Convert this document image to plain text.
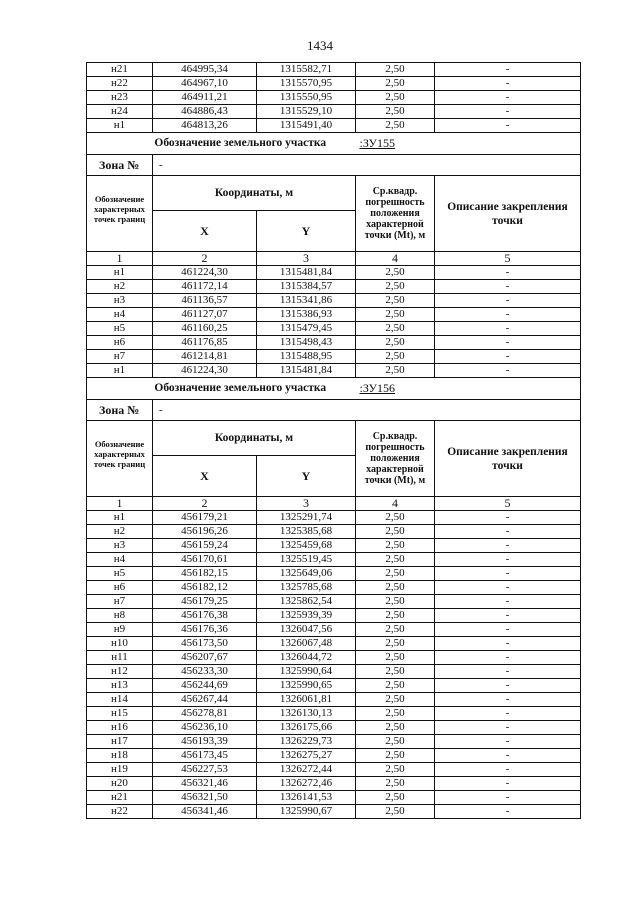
1434
н21	464995,34	1315582,71	2,50	-
н22	464967,10	1315570,95	2,50	-
н23	464911,21	1315550,95	2,50	-
н24	464886,43	1315529,10	2,50	-
н1	464813,26	1315491,40	2,50	-
Обозначение земельного участка			:ЗУ155	
Зона №	-			
Обозначение характерных точек границ	Координаты, м		Ср.квадр. погрешность положения характерной точки (Mt), м	Описание закрепления точки
	X	Y		
1	2	3	4	5
н1	461224,30	1315481,84	2,50	-
н2	461172,14	1315384,57	2,50	-
н3	461136,57	1315341,86	2,50	-
н4	461127,07	1315386,93	2,50	-
н5	461160,25	1315479,45	2,50	-
н6	461176,85	1315498,43	2,50	-
н7	461214,81	1315488,95	2,50	-
н1	461224,30	1315481,84	2,50	-
Обозначение земельного участка			:ЗУ156	
Зона №	-			
Обозначение характерных точек границ	Координаты, м		Ср.квадр. погрешность положения характерной точки (Mt), м	Описание закрепления точки
	X	Y		
1	2	3	4	5
н1	456179,21	1325291,74	2,50	-
н2	456196,26	1325385,68	2,50	-
н3	456159,24	1325459,68	2,50	-
н4	456170,61	1325519,45	2,50	-
н5	456182,15	1325649,06	2,50	-
н6	456182,12	1325785,68	2,50	-
н7	456179,25	1325862,54	2,50	-
н8	456176,38	1325939,39	2,50	-
н9	456176,36	1326047,56	2,50	-
н10	456173,50	1326067,48	2,50	-
н11	456207,67	1326044,72	2,50	-
н12	456233,30	1325990,64	2,50	-
н13	456244,69	1325990,65	2,50	-
н14	456267,44	1326061,81	2,50	-
н15	456278,81	1326130,13	2,50	-
н16	456236,10	1326175,66	2,50	-
н17	456193,39	1326229,73	2,50	-
н18	456173,45	1326275,27	2,50	-
н19	456227,53	1326272,44	2,50	-
н20	456321,46	1326272,46	2,50	-
н21	456321,50	1326141,53	2,50	-
н22	456341,46	1325990,67	2,50	-
